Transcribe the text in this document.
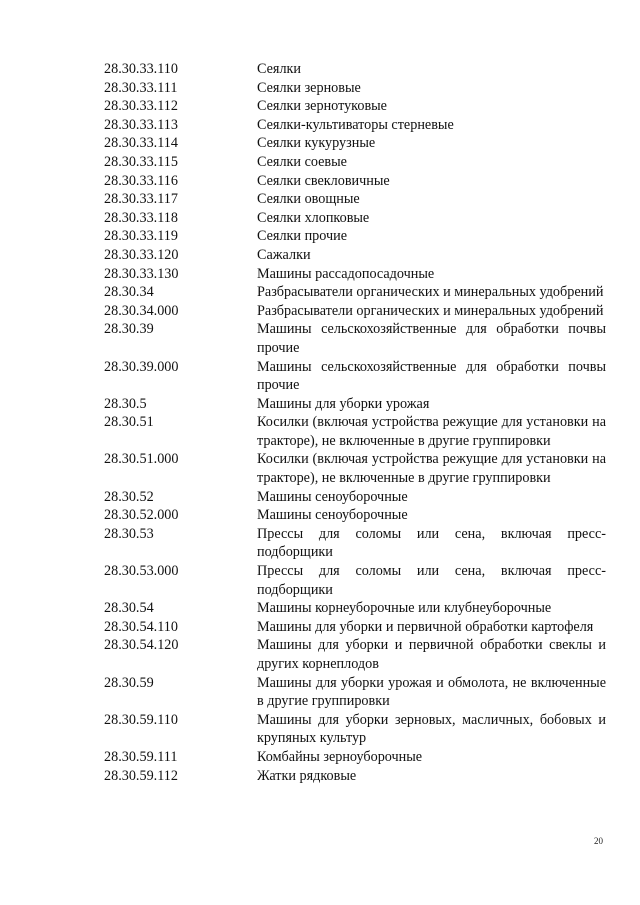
28.30.33.110	Сеялки
28.30.33.111	Сеялки зерновые
28.30.33.112	Сеялки зернотуковые
28.30.33.113	Сеялки-культиваторы стерневые
28.30.33.114	Сеялки кукурузные
28.30.33.115	Сеялки соевые
28.30.33.116	Сеялки свекловичные
28.30.33.117	Сеялки овощные
28.30.33.118	Сеялки хлопковые
28.30.33.119	Сеялки прочие
28.30.33.120	Сажалки
28.30.33.130	Машины рассадопосадочные
28.30.34	Разбрасыватели органических и минеральных удобрений
28.30.34.000	Разбрасыватели органических и минеральных удобрений
28.30.39	Машины сельскохозяйственные для обработки почвы прочие
28.30.39.000	Машины сельскохозяйственные для обработки почвы прочие
28.30.5	Машины для уборки урожая
28.30.51	Косилки (включая устройства режущие для установки на тракторе), не включенные в другие группировки
28.30.51.000	Косилки (включая устройства режущие для установки на тракторе), не включенные в другие группировки
28.30.52	Машины сеноуборочные
28.30.52.000	Машины сеноуборочные
28.30.53	Прессы для соломы или сена, включая пресс-подборщики
28.30.53.000	Прессы для соломы или сена, включая пресс-подборщики
28.30.54	Машины корнеуборочные или клубнеуборочные
28.30.54.110	Машины для уборки и первичной обработки картофеля
28.30.54.120	Машины для уборки и первичной обработки свеклы и других корнеплодов
28.30.59	Машины для уборки урожая и обмолота, не включенные в другие группировки
28.30.59.110	Машины для уборки зерновых, масличных, бобовых и крупяных культур
28.30.59.111	Комбайны зерноуборочные
28.30.59.112	Жатки рядковые
20
